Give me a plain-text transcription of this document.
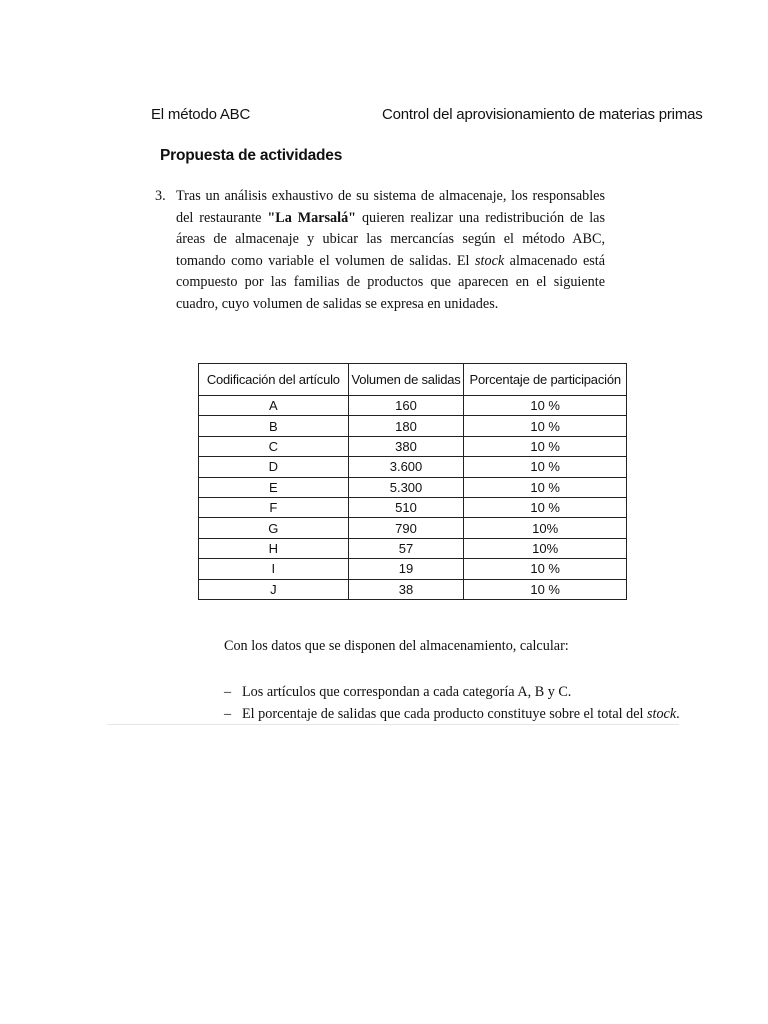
El método ABC	Control del aprovisionamiento de materias primas
Propuesta de actividades
3. Tras un análisis exhaustivo de su sistema de almacenaje, los responsables del restaurante "La Marsalá" quieren realizar una redistribución de las áreas de almacenaje y ubicar las mercancías según el método ABC, tomando como variable el volumen de salidas. El stock almacenado está compuesto por las familias de productos que aparecen en el siguiente cuadro, cuyo volumen de salidas se expresa en unidades.
Codificación del artículo	Volumen de salidas	Porcentaje de participación
A	160	10 %
B	180	10 %
C	380	10 %
D	3.600	10 %
E	5.300	10 %
F	510	10 %
G	790	10%
H	57	10%
I	19	10 %
J	38	10 %
Con los datos que se disponen del almacenamiento, calcular:
– Los artículos que correspondan a cada categoría A, B y C.
– El porcentaje de salidas que cada producto constituye sobre el total del stock.
